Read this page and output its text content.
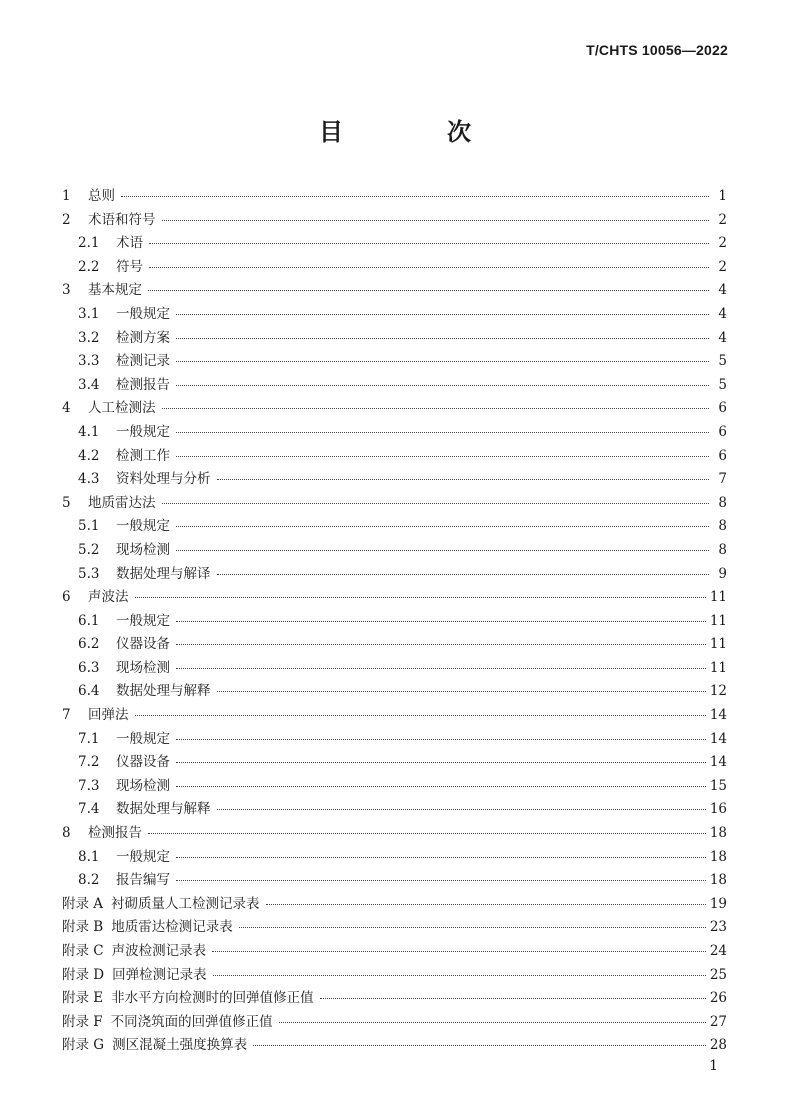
T/CHTS 10056—2022
目　次
1	总则	1
2	术语和符号	2
2.1	术语	2
2.2	符号	2
3	基本规定	4
3.1	一般规定	4
3.2	检测方案	4
3.3	检测记录	5
3.4	检测报告	5
4	人工检测法	6
4.1	一般规定	6
4.2	检测工作	6
4.3	资料处理与分析	7
5	地质雷达法	8
5.1	一般规定	8
5.2	现场检测	8
5.3	数据处理与解译	9
6	声波法	11
6.1	一般规定	11
6.2	仪器设备	11
6.3	现场检测	11
6.4	数据处理与解释	12
7	回弹法	14
7.1	一般规定	14
7.2	仪器设备	14
7.3	现场检测	15
7.4	数据处理与解释	16
8	检测报告	18
8.1	一般规定	18
8.2	报告编写	18
附录 A 衬砌质量人工检测记录表	19
附录 B 地质雷达检测记录表	23
附录 C 声波检测记录表	24
附录 D 回弹检测记录表	25
附录 E 非水平方向检测时的回弹值修正值	26
附录 F 不同浇筑面的回弹值修正值	27
附录 G 测区混凝土强度换算表	28
1
